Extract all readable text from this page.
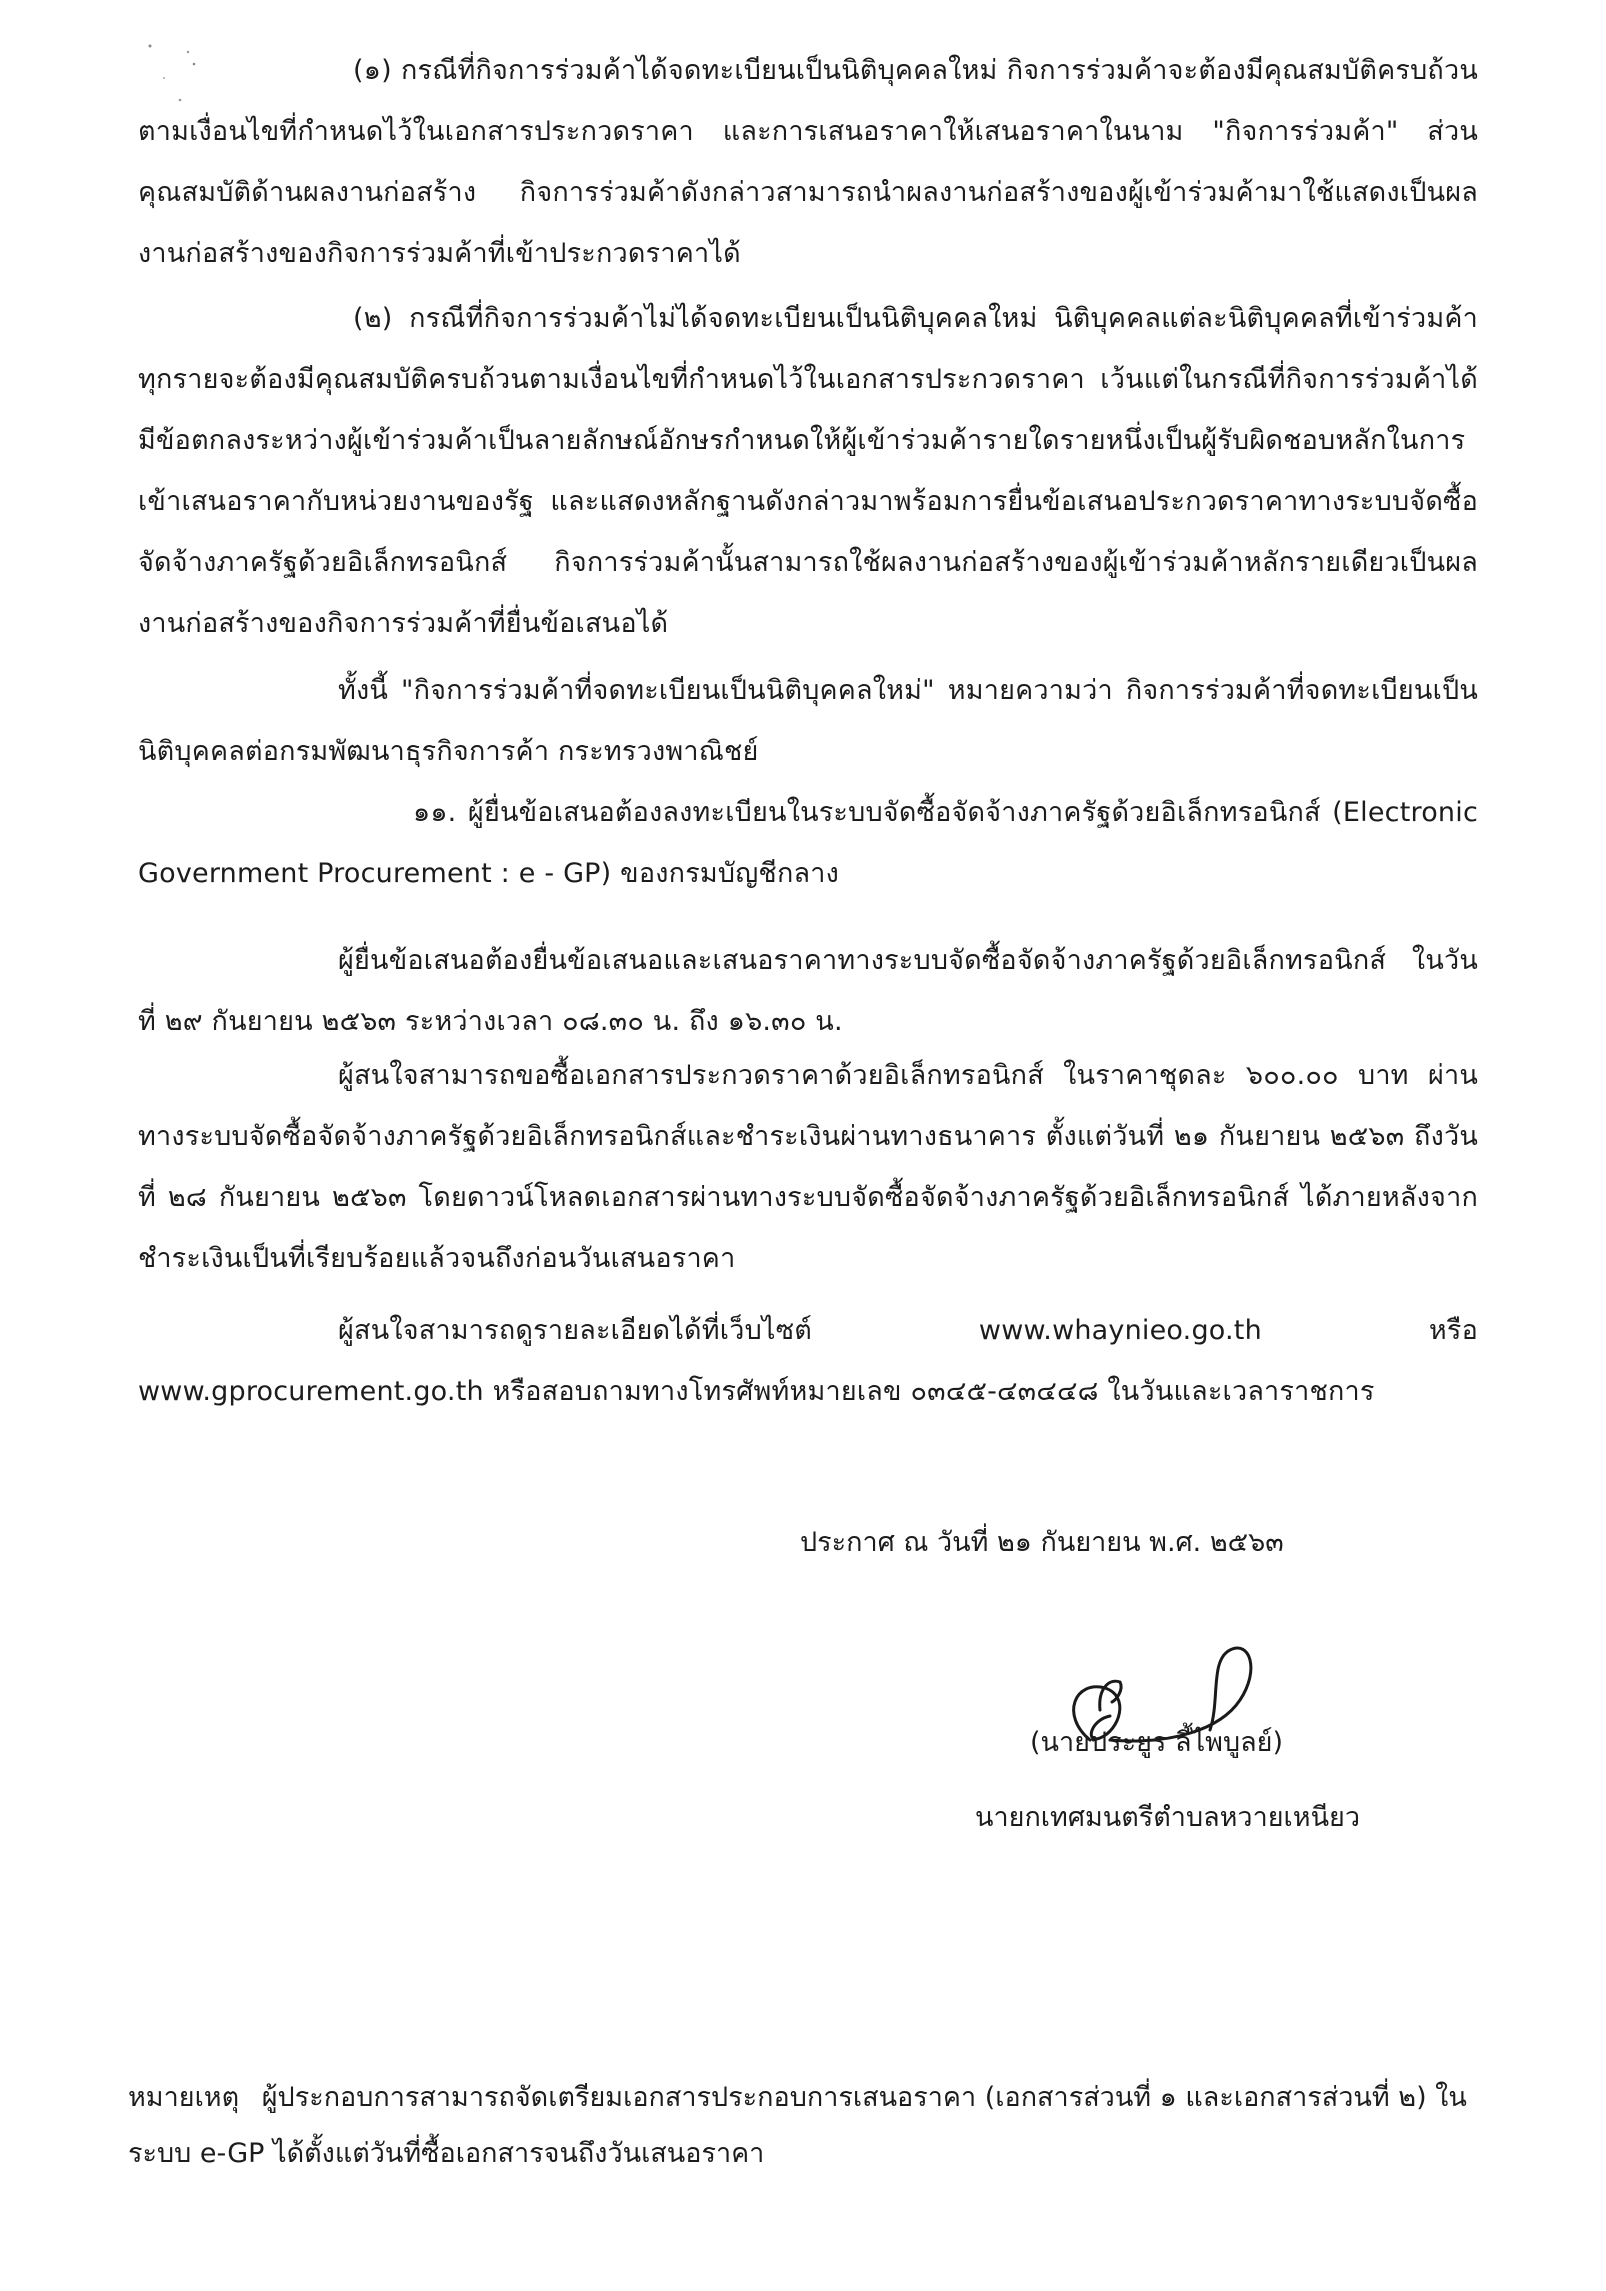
(๑) กรณีที่กิจการร่วมค้าได้จดทะเบียนเป็นนิติบุคคลใหม่ กิจการร่วมค้าจะต้องมีคุณสมบัติครบถ้วนตามเงื่อนไขที่กำหนดไว้ในเอกสารประกวดราคา และการเสนอราคาให้เสนอราคาในนาม "กิจการร่วมค้า" ส่วนคุณสมบัติด้านผลงานก่อสร้าง กิจการร่วมค้าดังกล่าวสามารถนำผลงานก่อสร้างของผู้เข้าร่วมค้ามาใช้แสดงเป็นผลงานก่อสร้างของกิจการร่วมค้าที่เข้าประกวดราคาได้

(๒) กรณีที่กิจการร่วมค้าไม่ได้จดทะเบียนเป็นนิติบุคคลใหม่ นิติบุคคลแต่ละนิติบุคคลที่เข้าร่วมค้าทุกรายจะต้องมีคุณสมบัติครบถ้วนตามเงื่อนไขที่กำหนดไว้ในเอกสารประกวดราคา เว้นแต่ในกรณีที่กิจการร่วมค้าได้มีข้อตกลงระหว่างผู้เข้าร่วมค้าเป็นลายลักษณ์อักษรกำหนดให้ผู้เข้าร่วมค้ารายใดรายหนึ่งเป็นผู้รับผิดชอบหลักในการเข้าเสนอราคากับหน่วยงานของรัฐ และแสดงหลักฐานดังกล่าวมาพร้อมการยื่นข้อเสนอประกวดราคาทางระบบจัดซื้อจัดจ้างภาครัฐด้วยอิเล็กทรอนิกส์ กิจการร่วมค้านั้นสามารถใช้ผลงานก่อสร้างของผู้เข้าร่วมค้าหลักรายเดียวเป็นผลงานก่อสร้างของกิจการร่วมค้าที่ยื่นข้อเสนอได้

ทั้งนี้ "กิจการร่วมค้าที่จดทะเบียนเป็นนิติบุคคลใหม่" หมายความว่า กิจการร่วมค้าที่จดทะเบียนเป็นนิติบุคคลต่อกรมพัฒนาธุรกิจการค้า กระทรวงพาณิชย์

๑๑. ผู้ยื่นข้อเสนอต้องลงทะเบียนในระบบจัดซื้อจัดจ้างภาครัฐด้วยอิเล็กทรอนิกส์ (Electronic Government Procurement : e - GP) ของกรมบัญชีกลาง

ผู้ยื่นข้อเสนอต้องยื่นข้อเสนอและเสนอราคาทางระบบจัดซื้อจัดจ้างภาครัฐด้วยอิเล็กทรอนิกส์ ในวันที่ ๒๙ กันยายน ๒๕๖๓ ระหว่างเวลา ๐๘.๓๐ น. ถึง ๑๖.๓๐ น.

ผู้สนใจสามารถขอซื้อเอกสารประกวดราคาด้วยอิเล็กทรอนิกส์ ในราคาชุดละ ๖๐๐.๐๐ บาท ผ่านทางระบบจัดซื้อจัดจ้างภาครัฐด้วยอิเล็กทรอนิกส์และชำระเงินผ่านทางธนาคาร ตั้งแต่วันที่ ๒๑ กันยายน ๒๕๖๓ ถึงวันที่ ๒๘ กันยายน ๒๕๖๓ โดยดาวน์โหลดเอกสารผ่านทางระบบจัดซื้อจัดจ้างภาครัฐด้วยอิเล็กทรอนิกส์ ได้ภายหลังจากชำระเงินเป็นที่เรียบร้อยแล้วจนถึงก่อนวันเสนอราคา

ผู้สนใจสามารถดูรายละเอียดได้ที่เว็บไซต์ www.whaynieo.go.th หรือ www.gprocurement.go.th หรือสอบถามทางโทรศัพท์หมายเลข ๐๓๔๕-๔๓๔๔๘ ในวันและเวลาราชการ

ประกาศ ณ วันที่ ๒๑ กันยายน พ.ศ. ๒๕๖๓
(นายประยูร ลี้ไพบูลย์)
นายกเทศมนตรีตำบลหวายเหนียว

หมายเหตุ ผู้ประกอบการสามารถจัดเตรียมเอกสารประกอบการเสนอราคา (เอกสารส่วนที่ ๑ และเอกสารส่วนที่ ๒) ในระบบ e-GP ได้ตั้งแต่วันที่ซื้อเอกสารจนถึงวันเสนอราคา
